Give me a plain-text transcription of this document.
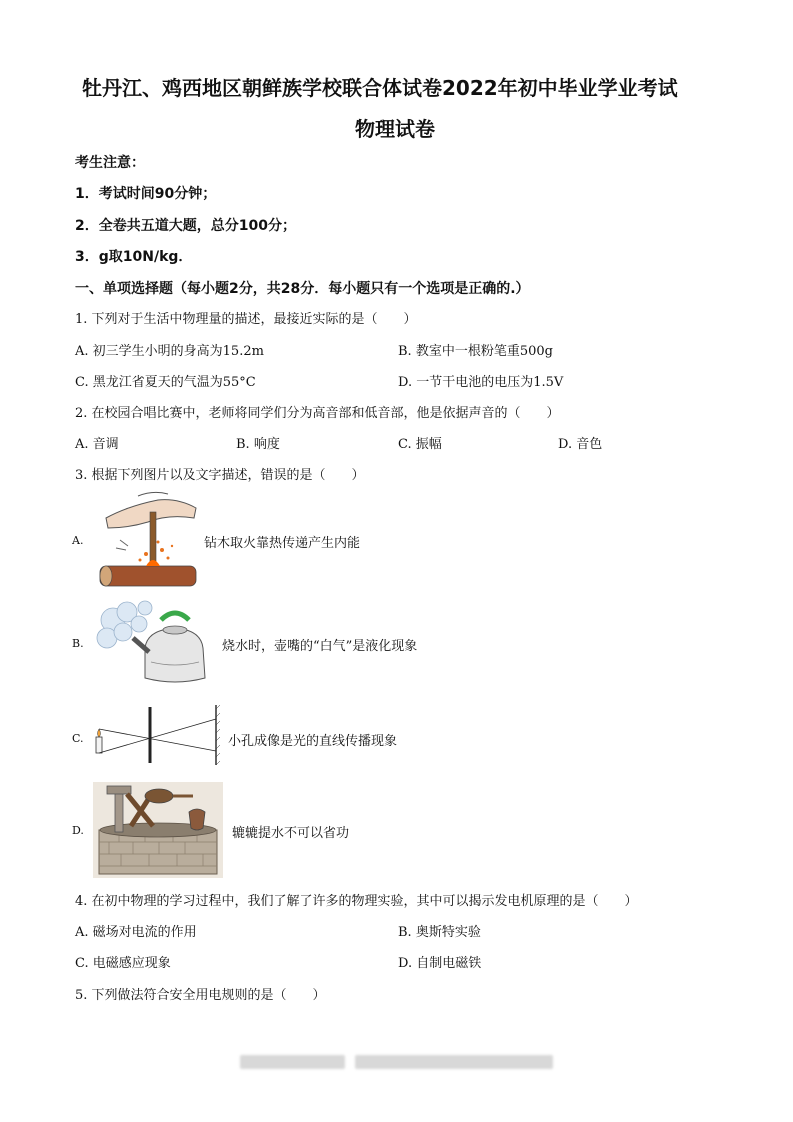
牡丹江、鸡西地区朝鲜族学校联合体试卷2022年初中毕业学业考试
物理试卷
考生注意：
1．考试时间90分钟；
2．全卷共五道大题，总分100分；
3．g取10N/kg．
一、单项选择题（每小题2分，共28分．每小题只有一个选项是正确的.）
1. 下列对于生活中物理量的描述，最接近实际的是（　　）
A. 初三学生小明的身高为15.2m	B. 教室中一根粉笔重500g
C. 黑龙江省夏天的气温为55°C	D. 一节干电池的电压为1.5V
2. 在校园合唱比赛中，老师将同学们分为高音部和低音部，他是依据声音的（　　）
A. 音调	B. 响度	C. 振幅	D. 音色
3. 根据下列图片以及文字描述，错误的是（　　）
A.	钻木取火靠热传递产生内能
B.	烧水时，壶嘴的“白气”是液化现象
C.	小孔成像是光的直线传播现象
D.	辘辘提水不可以省功
4. 在初中物理的学习过程中，我们了解了许多的物理实验，其中可以揭示发电机原理的是（　　）
A. 磁场对电流的作用	B. 奥斯特实验
C. 电磁感应现象	D. 自制电磁铁
5. 下列做法符合安全用电规则的是（　　）
